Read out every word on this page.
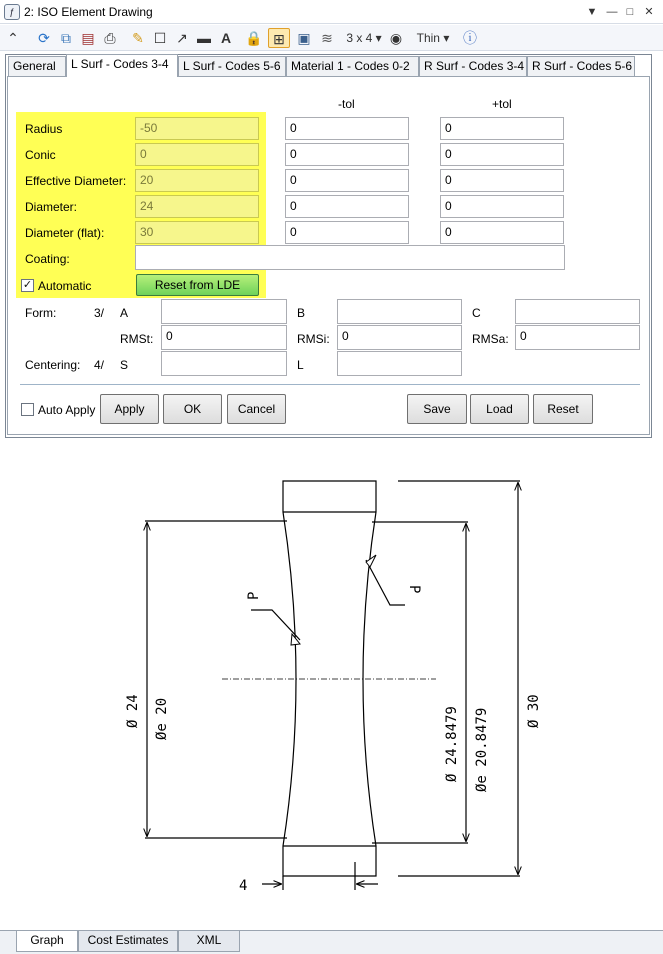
ƒ 2: ISO Element Drawing	▼ — □	✕
⌃ ⟳ ⧉ ▤ ⎙	✎ ☐ ↗ ▬ A	🔒 ⊞ ▣ ≋	3 x 4 ▾ ◉	Thin ▾ ⓘ
General	L Surf - Codes 3-4	L Surf - Codes 5-6 Material 1 - Codes 0-2	R Surf - Codes 3-4 R Surf - Codes 5-6
-tol	+tol
Radius	-50	0	0
Conic	0	0	0
Effective Diameter:	20	0	0
Diameter:	24	0	0
Diameter (flat):	30	0	0
Coating:
✓ Automatic	Reset from LDE
Form:	3/ A	B	C
RMSt:	0	RMSi:	0	RMSa: 0
Centering: 4/ S	L
Auto Apply	Apply	OK	Cancel	Save	Load	Reset
P
P
Ø 24 Øe 20	Ø 24.8479 Øe 20.8479	Ø 30
4
Graph	Cost Estimates	XML
